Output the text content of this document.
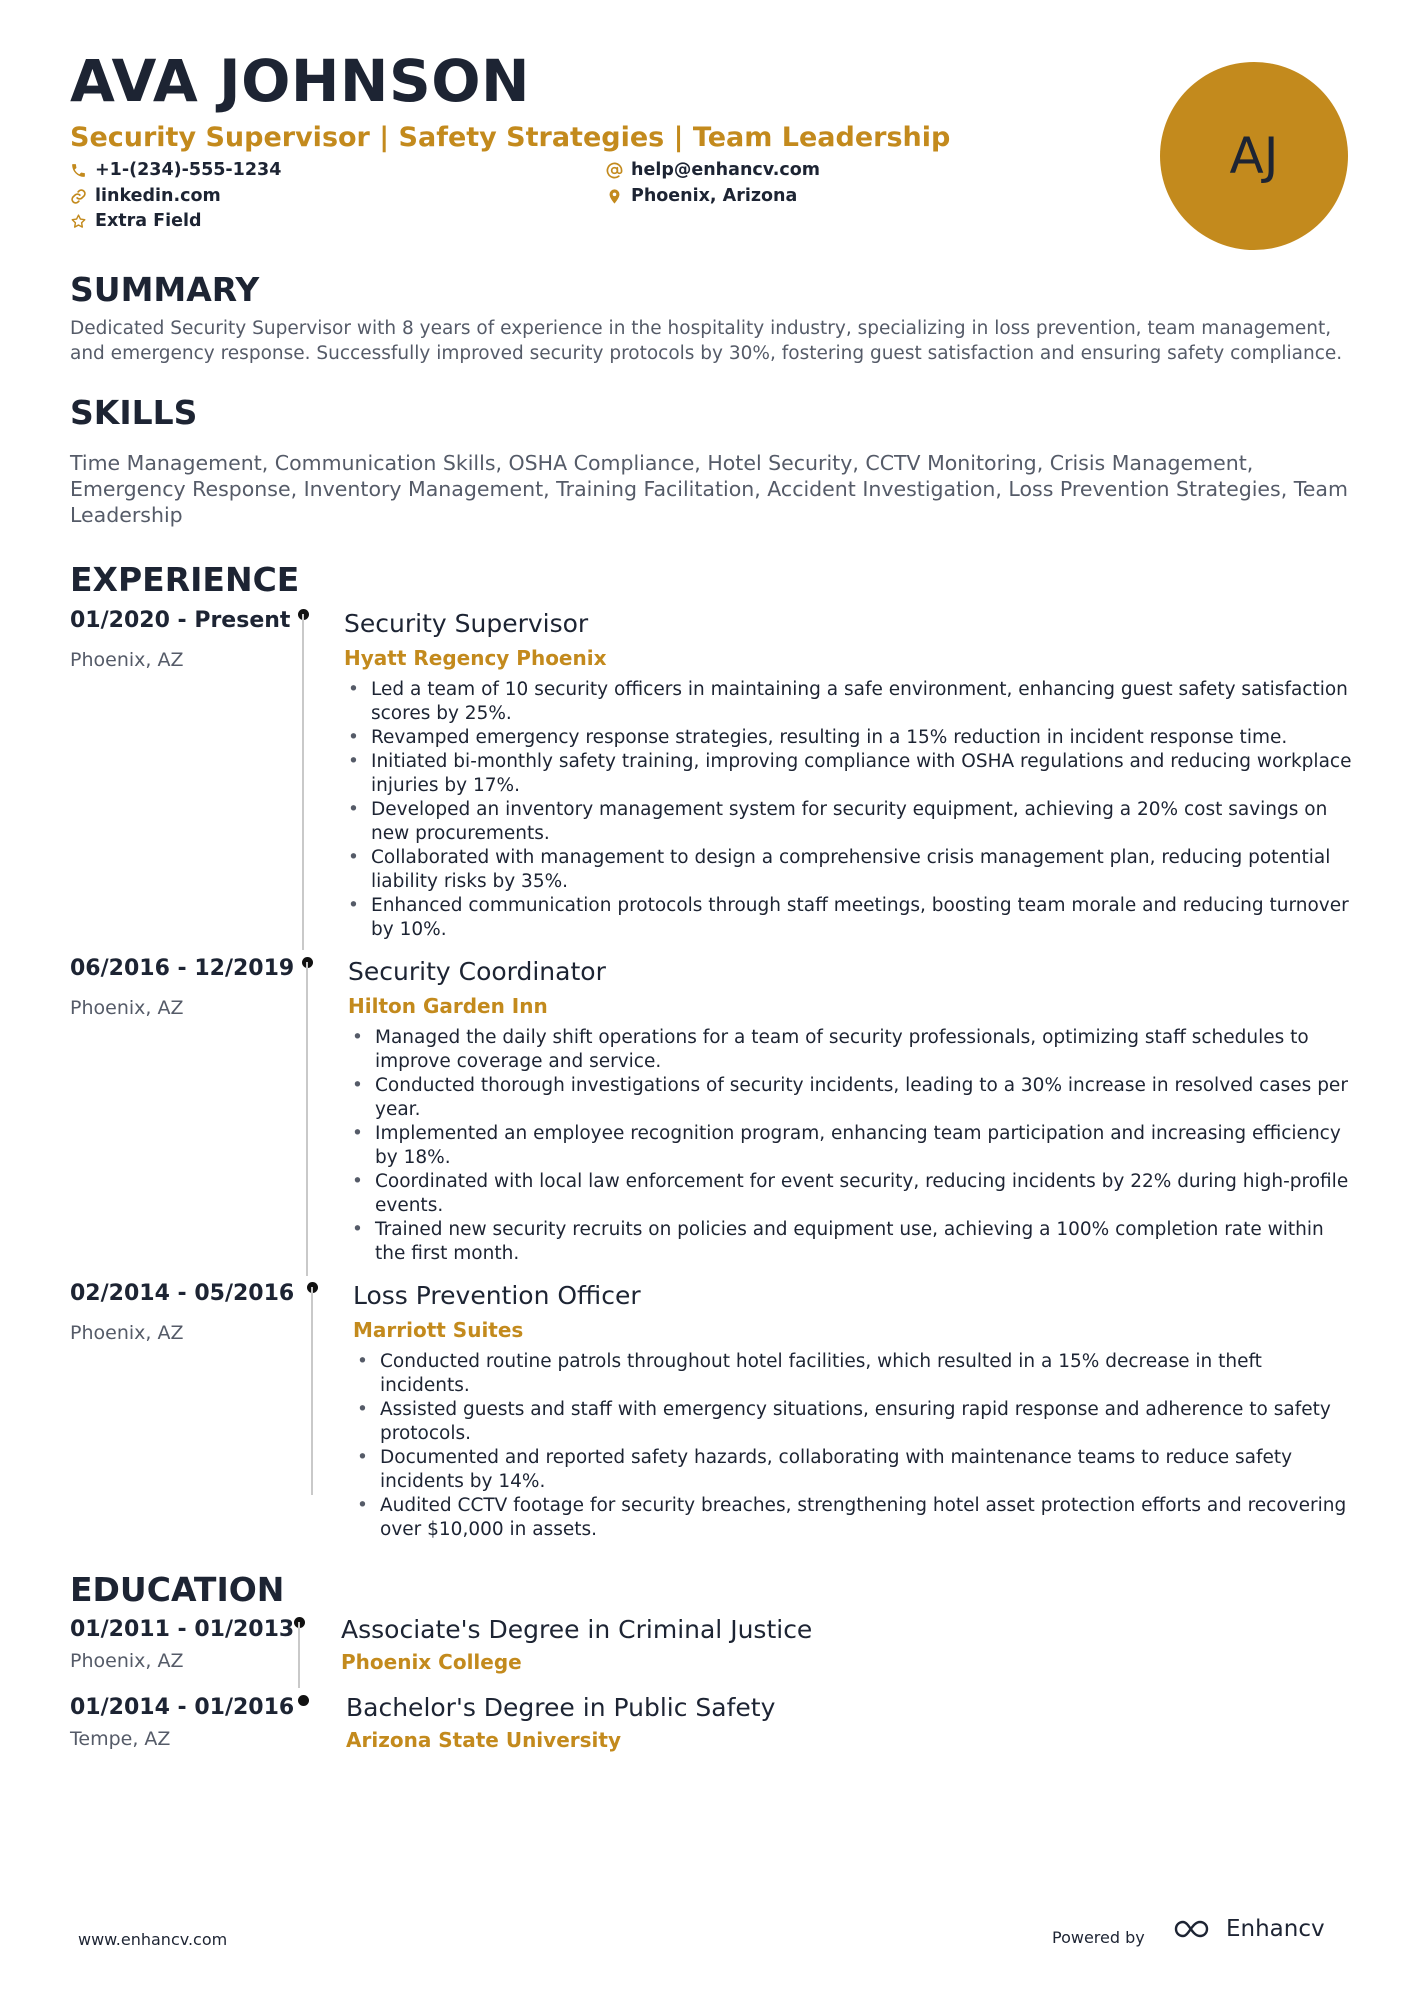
AVA JOHNSON
Security Supervisor | Safety Strategies | Team Leadership
+1-(234)-555-1234	help@enhancv.com
linkedin.com	Phoenix, Arizona
Extra Field
AJ
SUMMARY
Dedicated Security Supervisor with 8 years of experience in the hospitality industry, specializing in loss prevention, team management, and emergency response. Successfully improved security protocols by 30%, fostering guest satisfaction and ensuring safety compliance.
SKILLS
Time Management, Communication Skills, OSHA Compliance, Hotel Security, CCTV Monitoring, Crisis Management, Emergency Response, Inventory Management, Training Facilitation, Accident Investigation, Loss Prevention Strategies, Team Leadership
EXPERIENCE
01/2020 - Present
Phoenix, AZ
Security Supervisor
Hyatt Regency Phoenix
• Led a team of 10 security officers in maintaining a safe environment, enhancing guest safety satisfaction scores by 25%.
• Revamped emergency response strategies, resulting in a 15% reduction in incident response time.
• Initiated bi-monthly safety training, improving compliance with OSHA regulations and reducing workplace injuries by 17%.
• Developed an inventory management system for security equipment, achieving a 20% cost savings on new procurements.
• Collaborated with management to design a comprehensive crisis management plan, reducing potential liability risks by 35%.
• Enhanced communication protocols through staff meetings, boosting team morale and reducing turnover by 10%.
06/2016 - 12/2019
Phoenix, AZ
Security Coordinator
Hilton Garden Inn
• Managed the daily shift operations for a team of security professionals, optimizing staff schedules to improve coverage and service.
• Conducted thorough investigations of security incidents, leading to a 30% increase in resolved cases per year.
• Implemented an employee recognition program, enhancing team participation and increasing efficiency by 18%.
• Coordinated with local law enforcement for event security, reducing incidents by 22% during high-profile events.
• Trained new security recruits on policies and equipment use, achieving a 100% completion rate within the first month.
02/2014 - 05/2016
Phoenix, AZ
Loss Prevention Officer
Marriott Suites
• Conducted routine patrols throughout hotel facilities, which resulted in a 15% decrease in theft incidents.
• Assisted guests and staff with emergency situations, ensuring rapid response and adherence to safety protocols.
• Documented and reported safety hazards, collaborating with maintenance teams to reduce safety incidents by 14%.
• Audited CCTV footage for security breaches, strengthening hotel asset protection efforts and recovering over $10,000 in assets.
EDUCATION
01/2011 - 01/2013
Phoenix, AZ
Associate's Degree in Criminal Justice
Phoenix College
01/2014 - 01/2016
Tempe, AZ
Bachelor's Degree in Public Safety
Arizona State University
www.enhancv.com	Powered by	Enhancv
